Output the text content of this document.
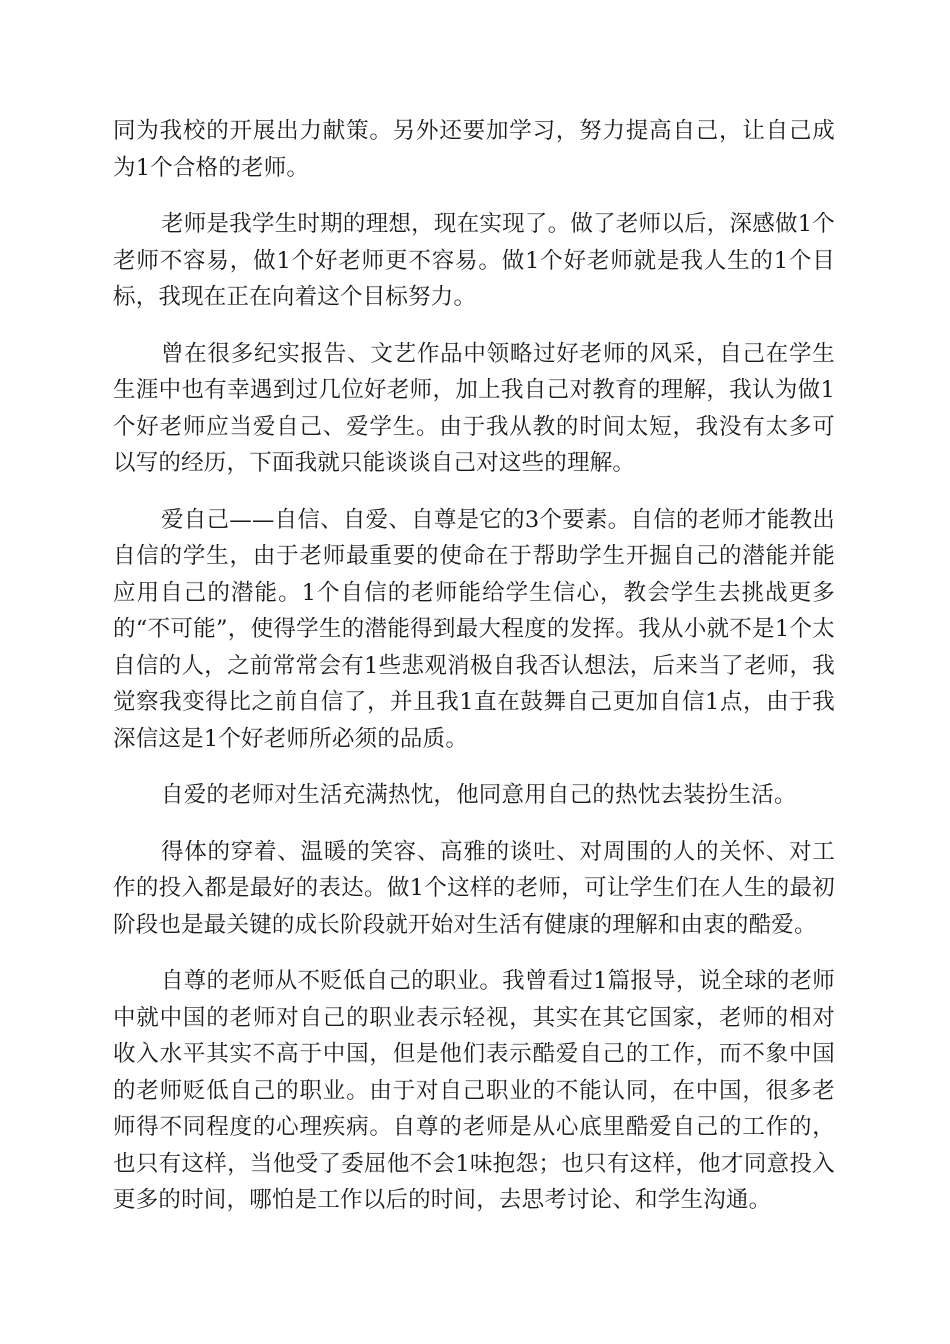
同为我校的开展出力献策。另外还要加学习，努力提高自己，让自己成为1个合格的老师。

老师是我学生时期的理想，现在实现了。做了老师以后，深感做1个老师不容易，做1个好老师更不容易。做1个好老师就是我人生的1个目标，我现在正在向着这个目标努力。

曾在很多纪实报告、文艺作品中领略过好老师的风采，自己在学生生涯中也有幸遇到过几位好老师，加上我自己对教育的理解，我认为做1个好老师应当爱自己、爱学生。由于我从教的时间太短，我没有太多可以写的经历，下面我就只能谈谈自己对这些的理解。

爱自己——自信、自爱、自尊是它的3个要素。自信的老师才能教出自信的学生，由于老师最重要的使命在于帮助学生开掘自己的潜能并能应用自己的潜能。1个自信的老师能给学生信心，教会学生去挑战更多的“不可能”，使得学生的潜能得到最大程度的发挥。我从小就不是1个太自信的人，之前常常会有1些悲观消极自我否认想法，后来当了老师，我觉察我变得比之前自信了，并且我1直在鼓舞自己更加自信1点，由于我深信这是1个好老师所必须的品质。

自爱的老师对生活充满热忱，他同意用自己的热忱去装扮生活。

得体的穿着、温暖的笑容、高雅的谈吐、对周围的人的关怀、对工作的投入都是最好的表达。做1个这样的老师，可让学生们在人生的最初阶段也是最关键的成长阶段就开始对生活有健康的理解和由衷的酷爱。

自尊的老师从不贬低自己的职业。我曾看过1篇报导，说全球的老师中就中国的老师对自己的职业表示轻视，其实在其它国家，老师的相对收入水平其实不高于中国，但是他们表示酷爱自己的工作，而不象中国的老师贬低自己的职业。由于对自己职业的不能认同，在中国，很多老师得不同程度的心理疾病。自尊的老师是从心底里酷爱自己的工作的，也只有这样，当他受了委屈他不会1味抱怨；也只有这样，他才同意投入更多的时间，哪怕是工作以后的时间，去思考讨论、和学生沟通。
